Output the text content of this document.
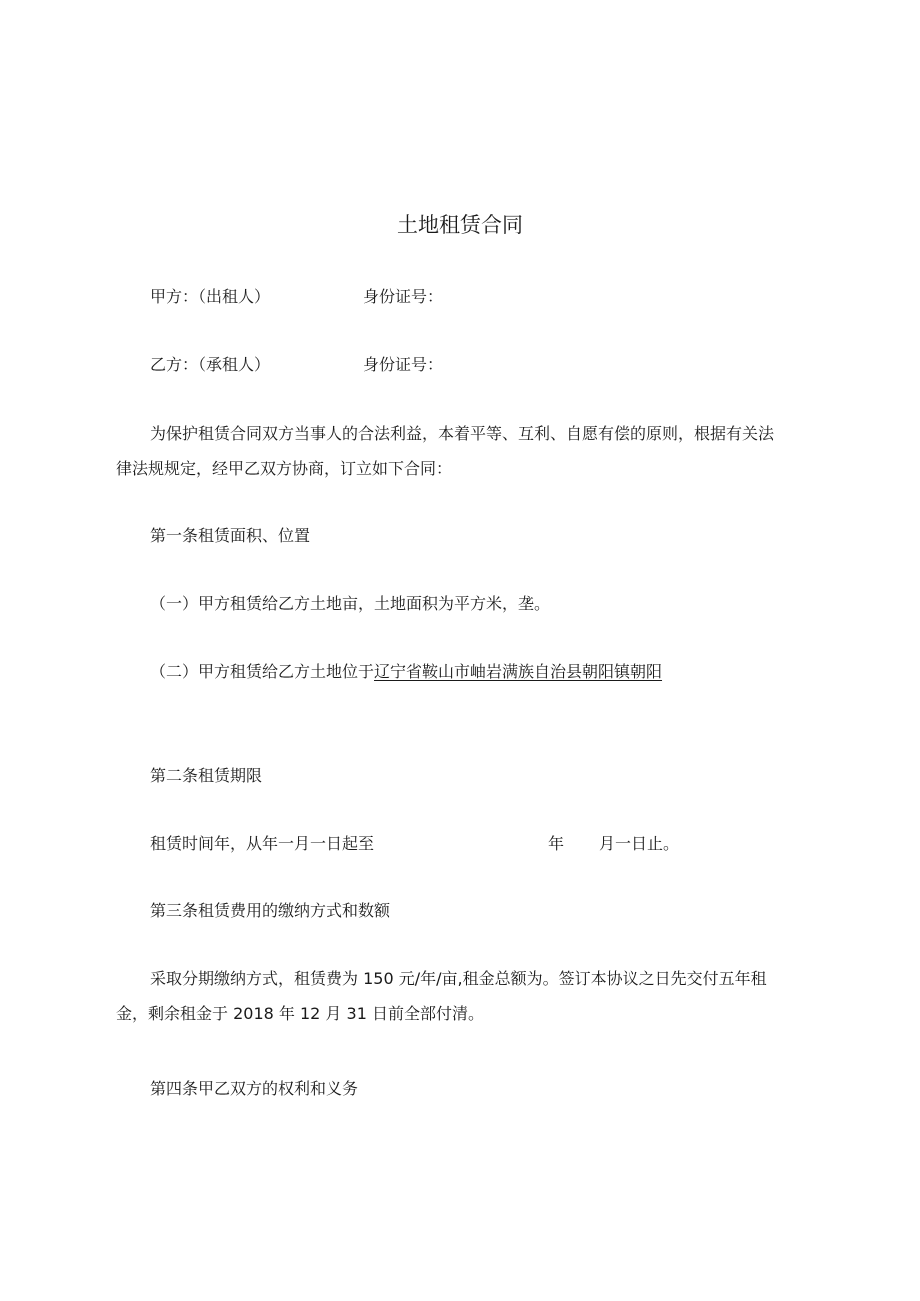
土地租赁合同
甲方：（出租人）	身份证号：
乙方：（承租人）	身份证号：
为保护租赁合同双方当事人的合法利益，本着平等、互利、自愿有偿的原则，根据有关法
律法规规定，经甲乙双方协商，订立如下合同：
第一条租赁面积、位置
（一）甲方租赁给乙方土地亩，土地面积为平方米，垄。
（二）甲方租赁给乙方土地位于辽宁省鞍山市岫岩满族自治县朝阳镇朝阳
第二条租赁期限
租赁时间年，从年一月一日起至	年 月一日止。
第三条租赁费用的缴纳方式和数额
采取分期缴纳方式，租赁费为 150 元/年/亩,租金总额为。签订本协议之日先交付五年租
金，剩余租金于 2018 年 12 月 31 日前全部付清。
第四条甲乙双方的权利和义务
